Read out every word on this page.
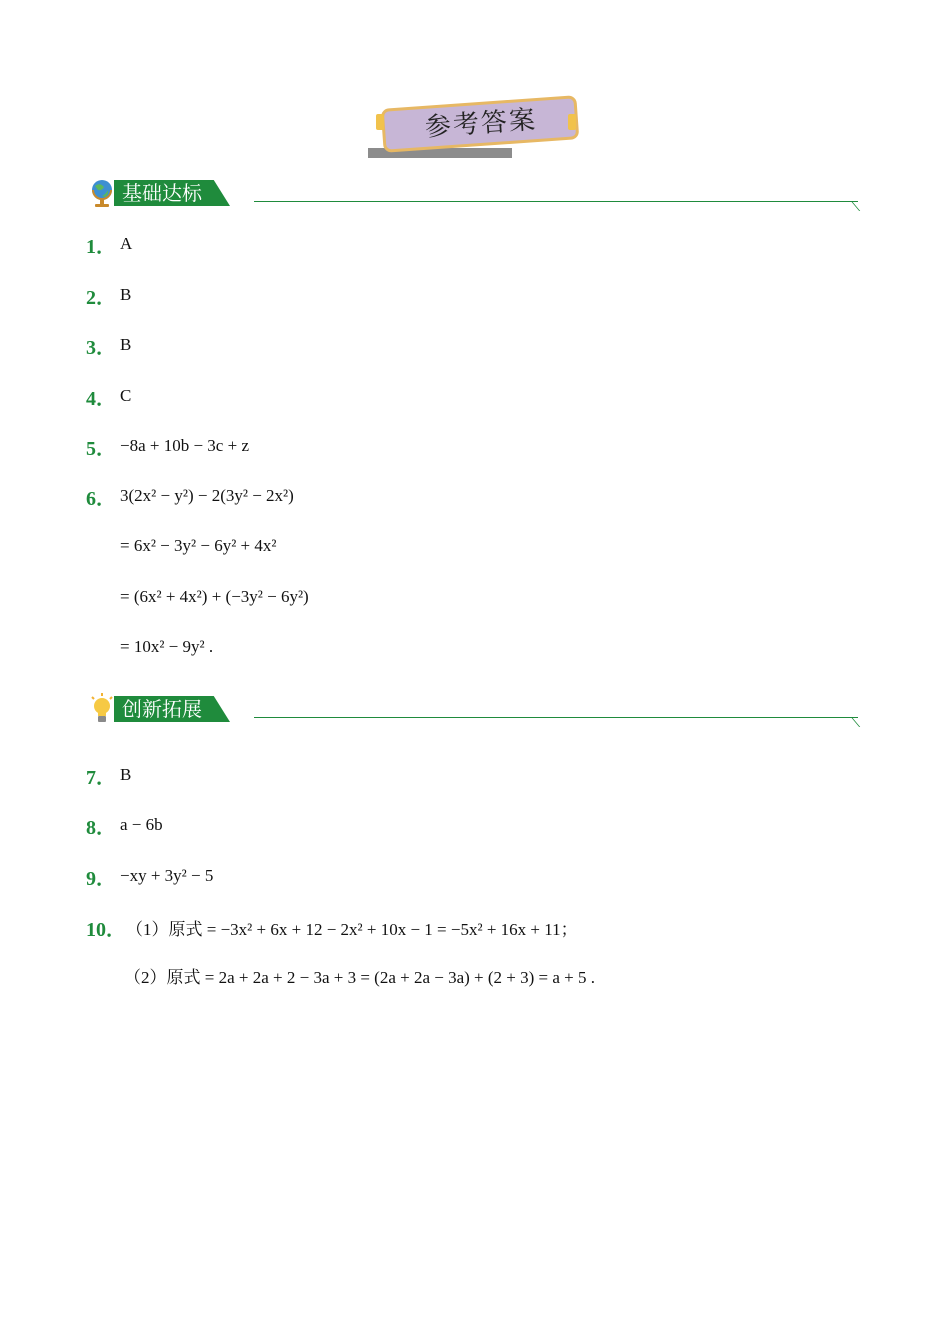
参考答案
基础达标
1． A
2． B
3． B
4． C
5． −8a + 10b − 3c + z
6． 3(2x² − y²) − 2(3y² − 2x²)
= 6x² − 3y² − 6y² + 4x²
= (6x² + 4x²) + (−3y² − 6y²)
= 10x² − 9y² .
创新拓展
7． B
8． a − 6b
9． −xy + 3y² − 5
10． （1）原式 = −3x² + 6x + 12 − 2x² + 10x − 1 = −5x² + 16x + 11；
（2）原式 = 2a + 2a + 2 − 3a + 3 = (2a + 2a − 3a) + (2 + 3) = a + 5 .
